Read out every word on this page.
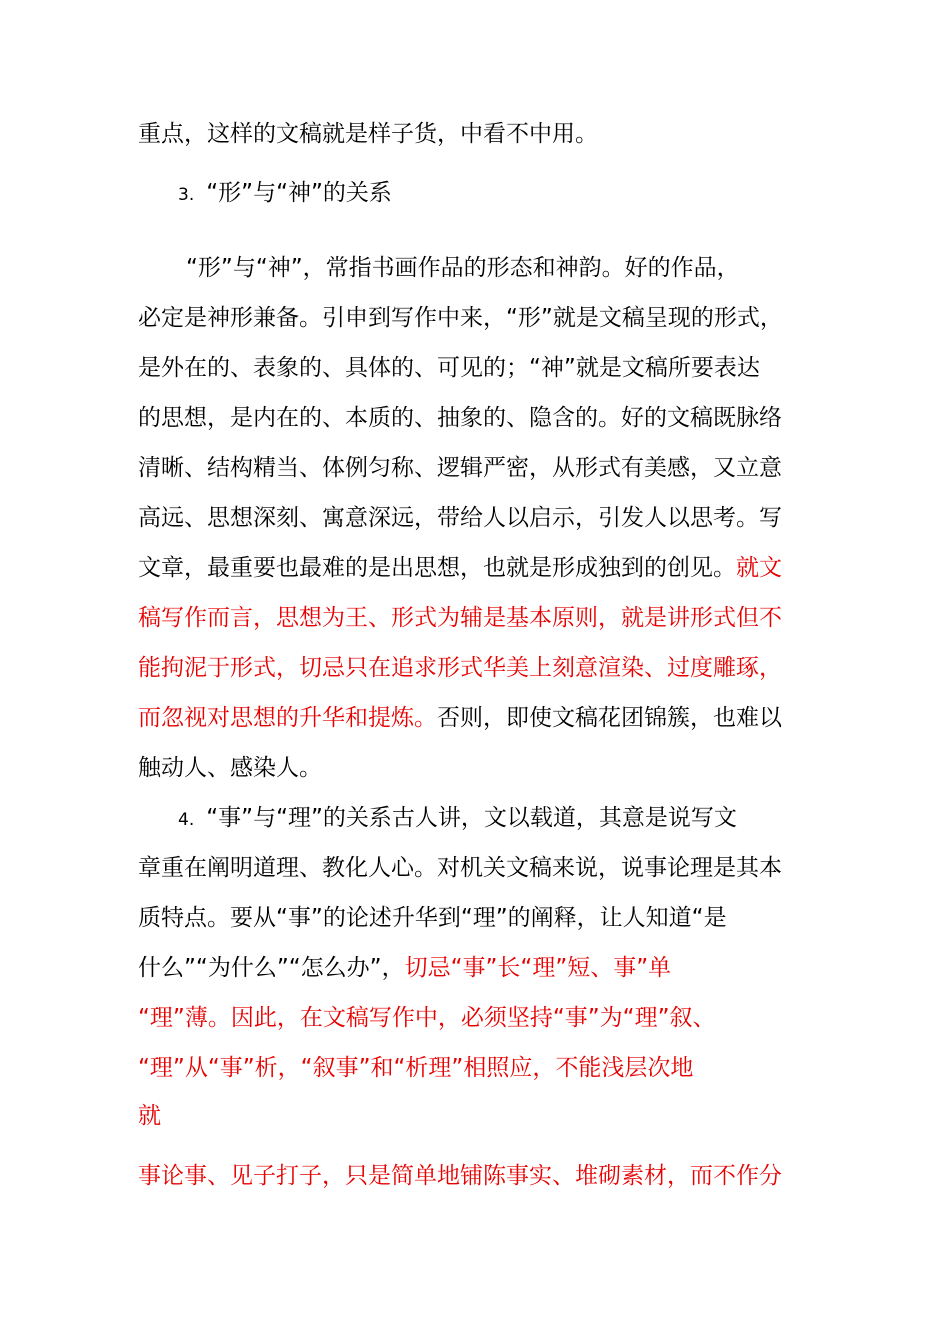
重点，这样的文稿就是样子货，中看不中用。
3. “形”与“神”的关系
“形”与“神”，常指书画作品的形态和神韵。好的作品，
必定是神形兼备。引申到写作中来，“形”就是文稿呈现的形式，
是外在的、表象的、具体的、可见的；“神”就是文稿所要表达
的思想，是内在的、本质的、抽象的、隐含的。好的文稿既脉络
清晰、结构精当、体例匀称、逻辑严密，从形式有美感，又立意
高远、思想深刻、寓意深远，带给人以启示，引发人以思考。写
文章，最重要也最难的是出思想，也就是形成独到的创见。就文
稿写作而言，思想为王、形式为辅是基本原则，就是讲形式但不
能拘泥于形式，切忌只在追求形式华美上刻意渲染、过度雕琢，
而忽视对思想的升华和提炼。否则，即使文稿花团锦簇，也难以
触动人、感染人。
4. “事”与“理”的关系古人讲，文以载道，其意是说写文
章重在阐明道理、教化人心。对机关文稿来说，说事论理是其本
质特点。要从“事”的论述升华到“理”的阐释，让人知道“是
什么”“为什么”“怎么办”，切忌“事”长“理”短、事”单
“理”薄。因此，在文稿写作中，必须坚持“事”为“理”叙、
“理”从“事”析，“叙事”和“析理”相照应，不能浅层次地
就
事论事、见子打子，只是简单地铺陈事实、堆砌素材，而不作分
